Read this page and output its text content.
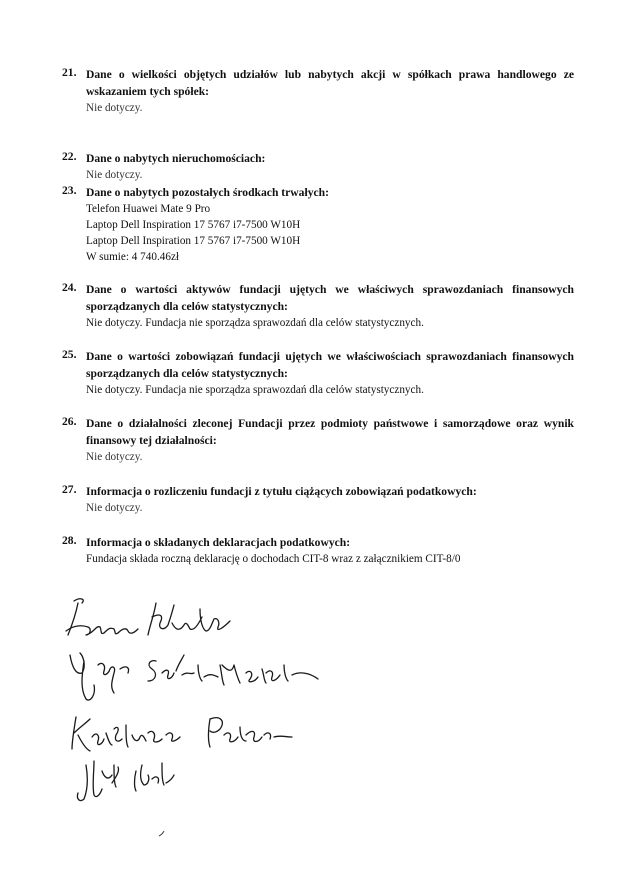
21. Dane o wielkości objętych udziałów lub nabytych akcji w spółkach prawa handlowego ze wskazaniem tych spółek:
Nie dotyczy.
22. Dane o nabytych nieruchomościach:
Nie dotyczy.
23. Dane o nabytych pozostałych środkach trwałych:
Telefon Huawei Mate 9 Pro
Laptop Dell Inspiration 17 5767 i7-7500 W10H
Laptop Dell Inspiration 17 5767 i7-7500 W10H
W sumie: 4 740.46zł
24. Dane o wartości aktywów fundacji ujętych we właściwych sprawozdaniach finansowych sporządzanych dla celów statystycznych:
Nie dotyczy. Fundacja nie sporządza sprawozdań dla celów statystycznych.
25. Dane o wartości zobowiązań fundacji ujętych we właściwościach sprawozdaniach finansowych sporządzanych dla celów statystycznych:
Nie dotyczy. Fundacja nie sporządza sprawozdań dla celów statystycznych.
26. Dane o działalności zleconej Fundacji przez podmioty państwowe i samorządowe oraz wynik finansowy tej działalności:
Nie dotyczy.
27. Informacja o rozliczeniu fundacji z tytułu ciążących zobowiązań podatkowych:
Nie dotyczy.
28. Informacja o składanych deklaracjach podatkowych:
Fundacja składa roczną deklarację o dochodach CIT-8 wraz z załącznikiem CIT-8/0
